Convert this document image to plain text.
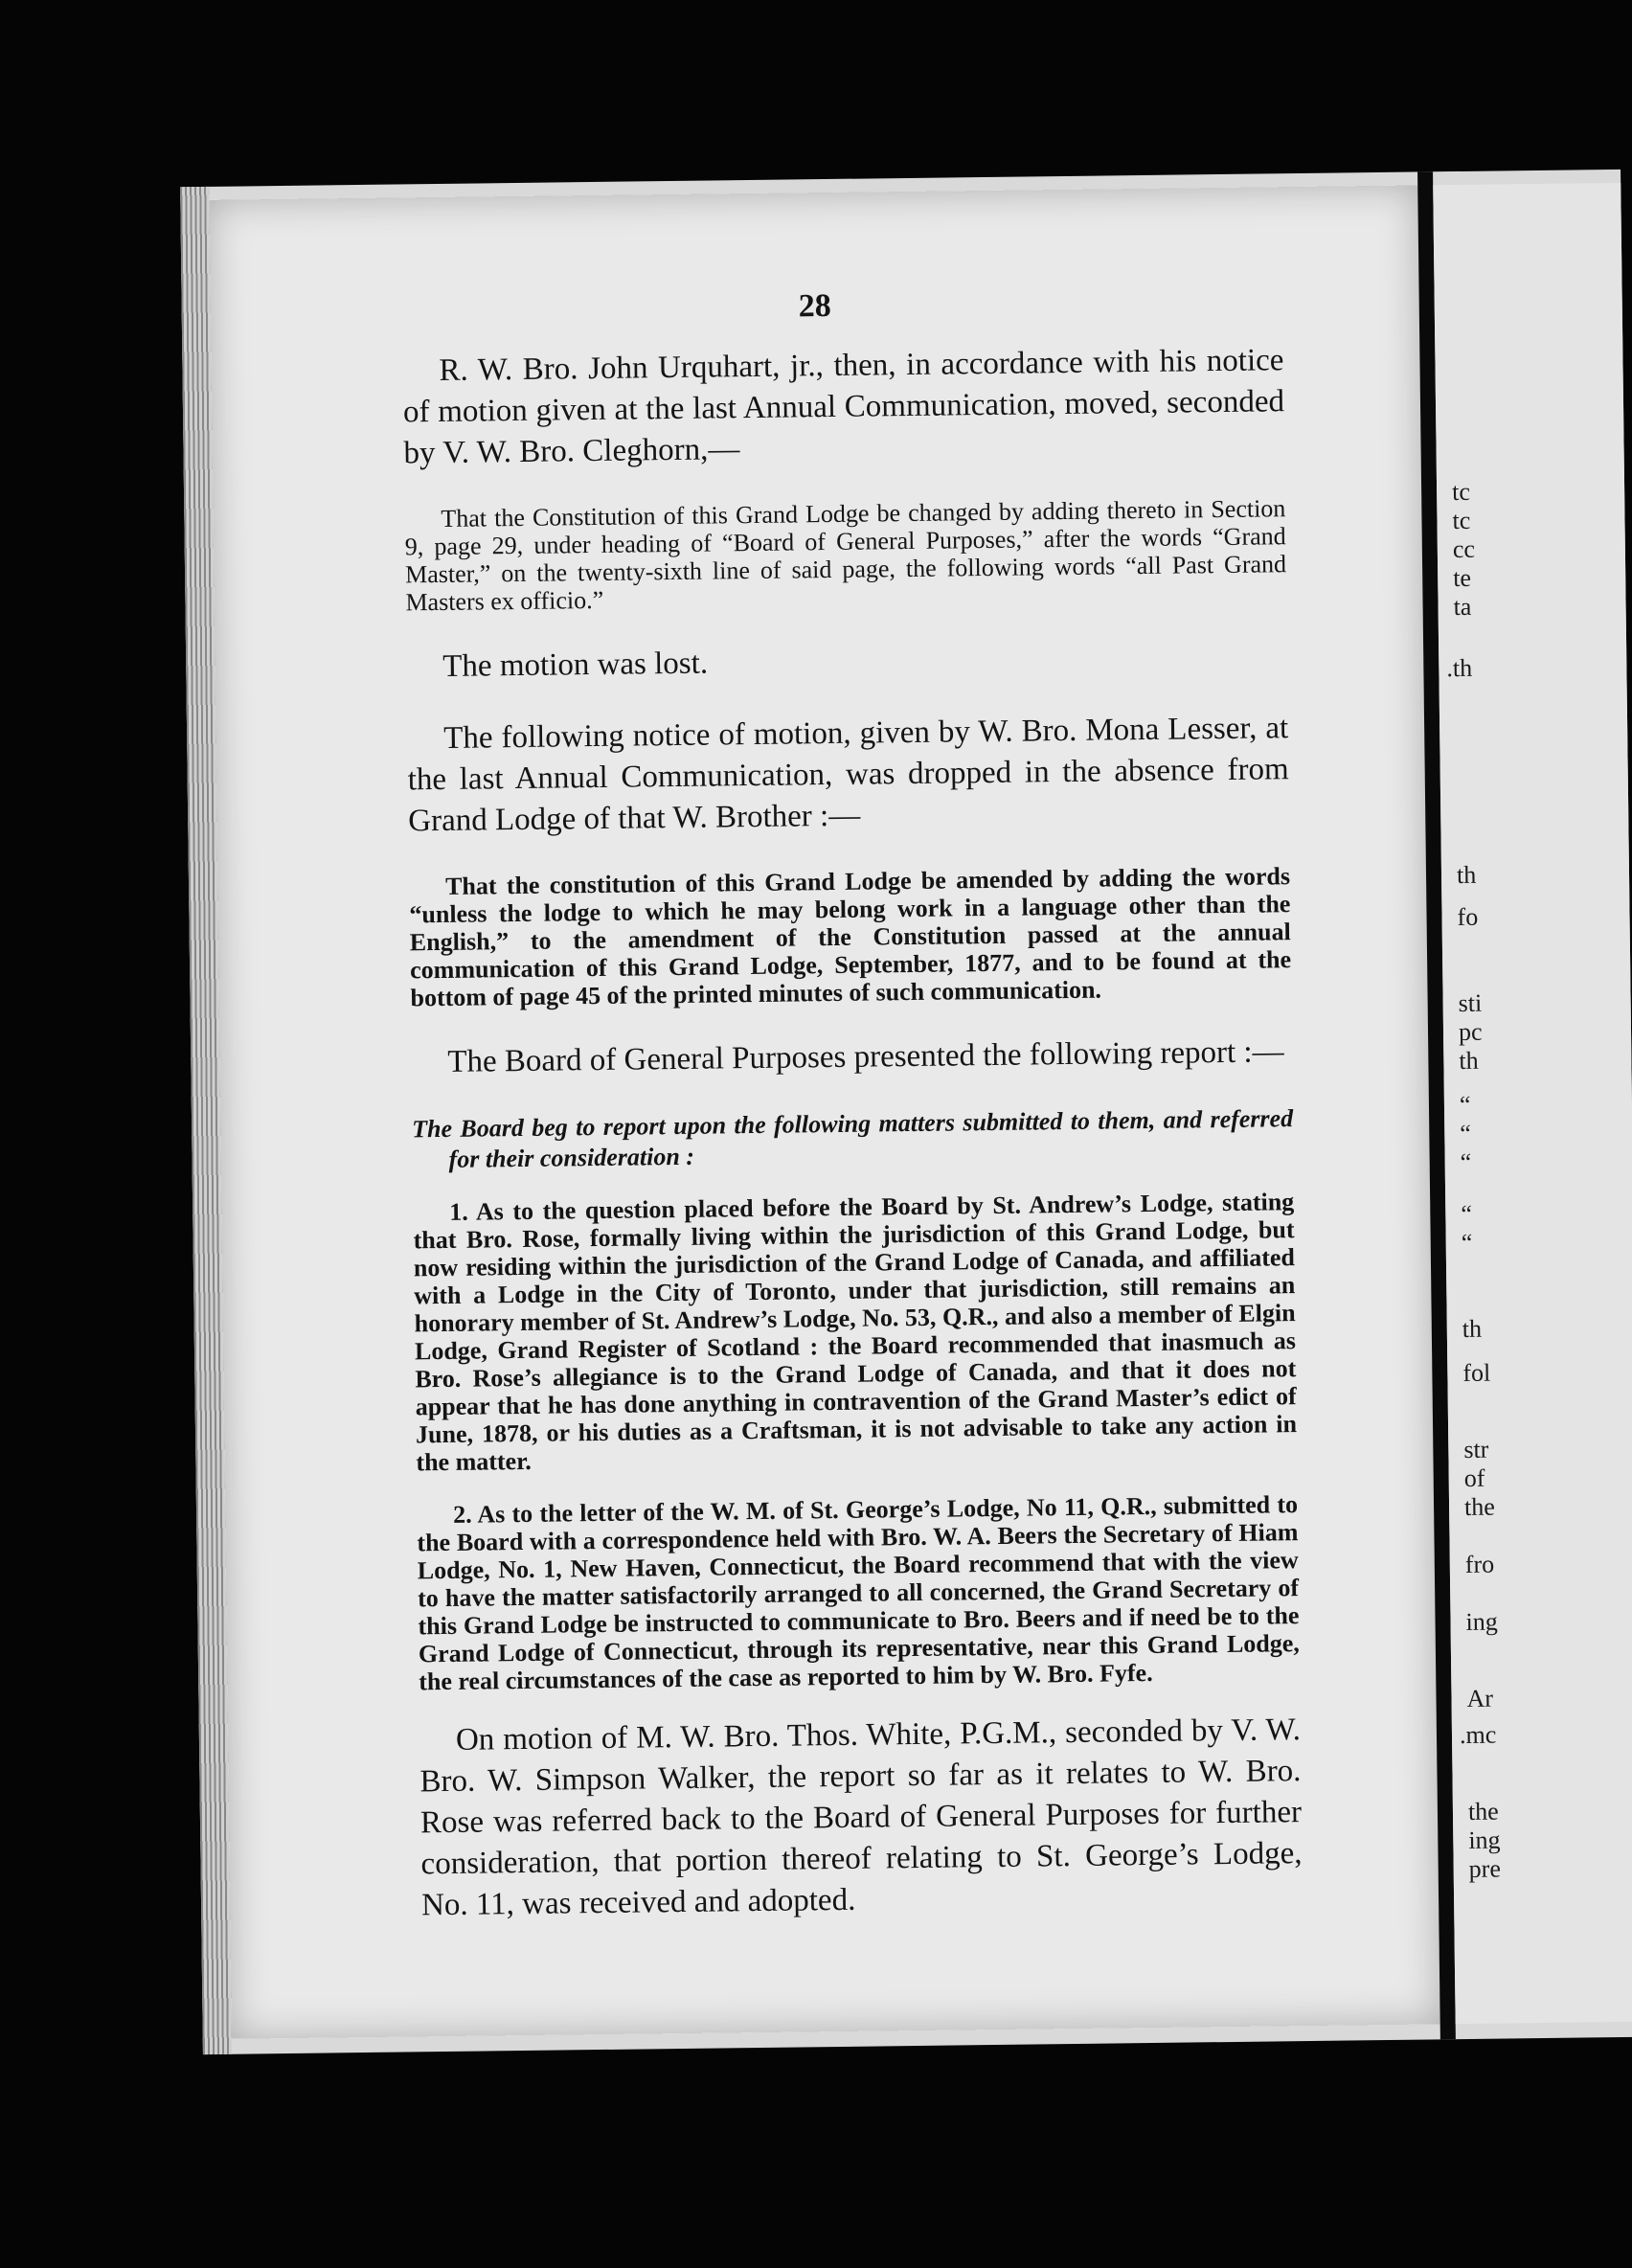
28

R. W. Bro. John Urquhart, jr., then, in accordance with his notice of motion given at the last Annual Communication, moved, seconded by V. W. Bro. Cleghorn,—

That the Constitution of this Grand Lodge be changed by adding thereto in Section 9, page 29, under heading of “Board of General Purposes,” after the words “Grand Master,” on the twenty-sixth line of said page, the following words “all Past Grand Masters ex officio.”

The motion was lost.

The following notice of motion, given by W. Bro. Mona Lesser, at the last Annual Communication, was dropped in the absence from Grand Lodge of that W. Brother :—

That the constitution of this Grand Lodge be amended by adding the words “unless the lodge to which he may belong work in a language other than the English,” to the amendment of the Constitution passed at the annual communication of this Grand Lodge, September, 1877, and to be found at the bottom of page 45 of the printed minutes of such communication.

The Board of General Purposes presented the following report :—

The Board beg to report upon the following matters submitted to them, and referred for their consideration :

1. As to the question placed before the Board by St. Andrew’s Lodge, stating that Bro. Rose, formally living within the jurisdiction of this Grand Lodge, but now residing within the jurisdiction of the Grand Lodge of Canada, and affiliated with a Lodge in the City of Toronto, under that jurisdiction, still remains an honorary member of St. Andrew’s Lodge, No. 53, Q.R., and also a member of Elgin Lodge, Grand Register of Scotland : the Board recommended that inasmuch as Bro. Rose’s allegiance is to the Grand Lodge of Canada, and that it does not appear that he has done anything in contravention of the Grand Master’s edict of June, 1878, or his duties as a Craftsman, it is not advisable to take any action in the matter.

2. As to the letter of the W. M. of St. George’s Lodge, No 11, Q.R., submitted to the Board with a correspondence held with Bro. W. A. Beers the Secretary of Hiam Lodge, No. 1, New Haven, Connecticut, the Board recommend that with the view to have the matter satisfactorily arranged to all concerned, the Grand Secretary of this Grand Lodge be instructed to communicate to Bro. Beers and if need be to the Grand Lodge of Connecticut, through its representative, near this Grand Lodge, the real circumstances of the case as reported to him by W. Bro. Fyfe.

On motion of M. W. Bro. Thos. White, P.G.M., seconded by V. W. Bro. W. Simpson Walker, the report so far as it relates to W. Bro. Rose was referred back to the Board of General Purposes for further consideration, that portion thereof relating to St. George’s Lodge, No. 11, was received and adopted.

tc
tc
cc
te
ta
.th
th
fo
sti
pc
th
“
“
“
“
“
th
fol
str
of
the
fro
ing
Ar
.mc
the
ing
pre
